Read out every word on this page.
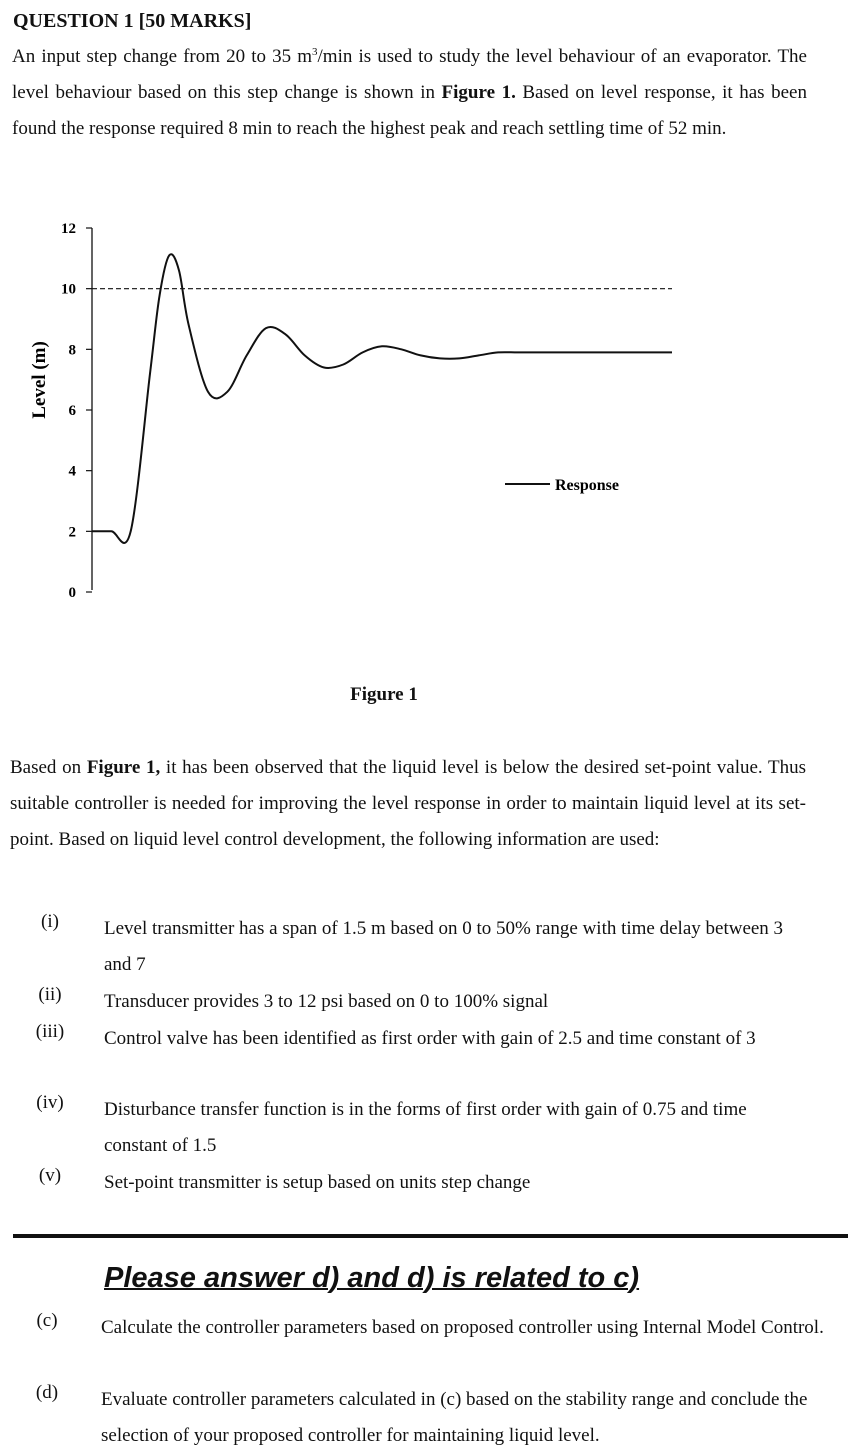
QUESTION 1 [50 MARKS]
An input step change from 20 to 35 $m^3/\min$ is used to study the level behaviour of an evaporator. The level behaviour based on this step change is shown in Figure 1. Based on level response, it has been found the response required 8 min to reach the highest peak and reach settling time of 52 min.
0
2
4
6
8
10
12
Level (m)
Response
Figure 1
Based on Figure 1, it has been observed that the liquid level is below the desired set-point value. Thus suitable controller is needed for improving the level response in order to maintain liquid level at its set-point. Based on liquid level control development, the following information are used:
(i)	Level transmitter has a span of 1.5 m based on 0 to 50% range with time delay between 3 and 7
(ii)	Transducer provides 3 to 12 psi based on 0 to 100% signal
(iii)	Control valve has been identified as first order with gain of 2.5 and time constant of 3
(iv)	Disturbance transfer function is in the forms of first order with gain of 0.75 and time constant of 1.5
(v)	Set-point transmitter is setup based on units step change
Please answer d) and d) is related to c)
(c)	Calculate the controller parameters based on proposed controller using Internal Model Control.
(d)	Evaluate controller parameters calculated in (c) based on the stability range and conclude the selection of your proposed controller for maintaining liquid level.
